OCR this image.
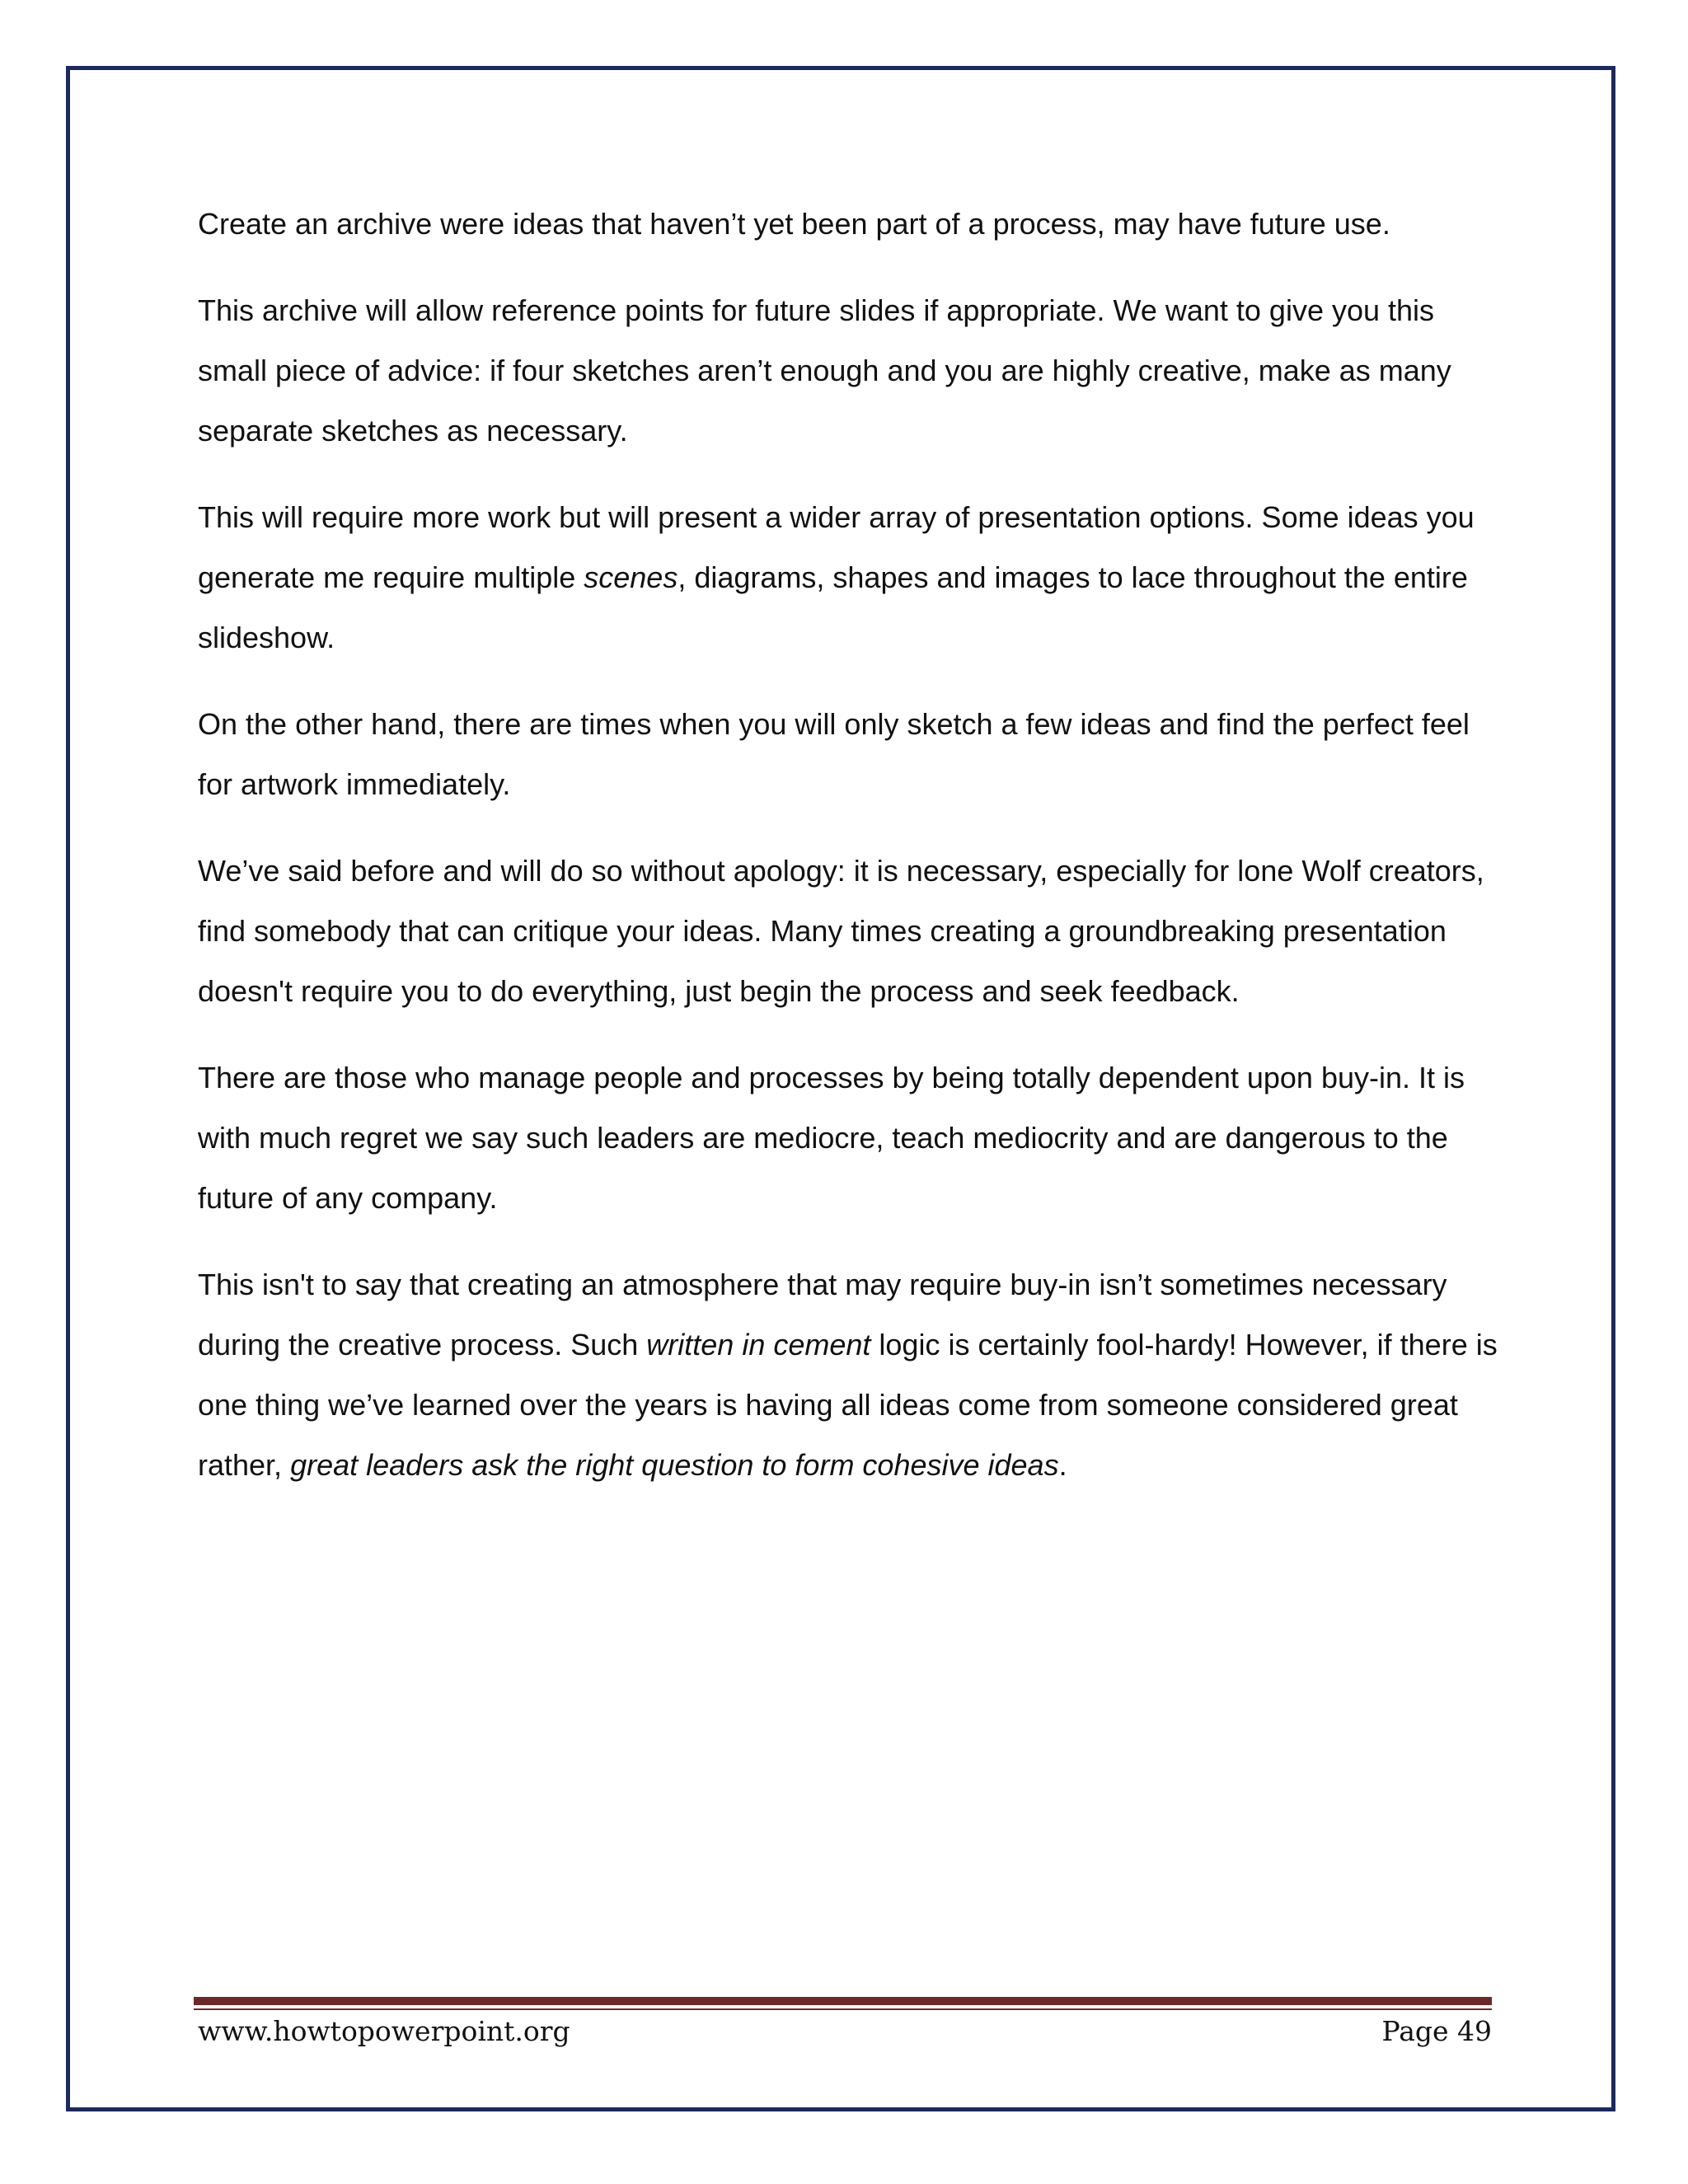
Create an archive were ideas that haven’t yet been part of a process, may have future use.

This archive will allow reference points for future slides if appropriate. We want to give you this small piece of advice: if four sketches aren’t enough and you are highly creative, make as many separate sketches as necessary.

This will require more work but will present a wider array of presentation options. Some ideas you generate me require multiple scenes, diagrams, shapes and images to lace throughout the entire slideshow.

On the other hand, there are times when you will only sketch a few ideas and find the perfect feel for artwork immediately.

We’ve said before and will do so without apology: it is necessary, especially for lone Wolf creators, find somebody that can critique your ideas. Many times creating a groundbreaking presentation doesn't require you to do everything, just begin the process and seek feedback.

There are those who manage people and processes by being totally dependent upon buy-in. It is with much regret we say such leaders are mediocre, teach mediocrity and are dangerous to the future of any company.

This isn't to say that creating an atmosphere that may require buy-in isn’t sometimes necessary during the creative process. Such written in cement logic is certainly fool-hardy! However, if there is one thing we’ve learned over the years is having all ideas come from someone considered great rather, great leaders ask the right question to form cohesive ideas.

www.howtopowerpoint.org	Page 49
